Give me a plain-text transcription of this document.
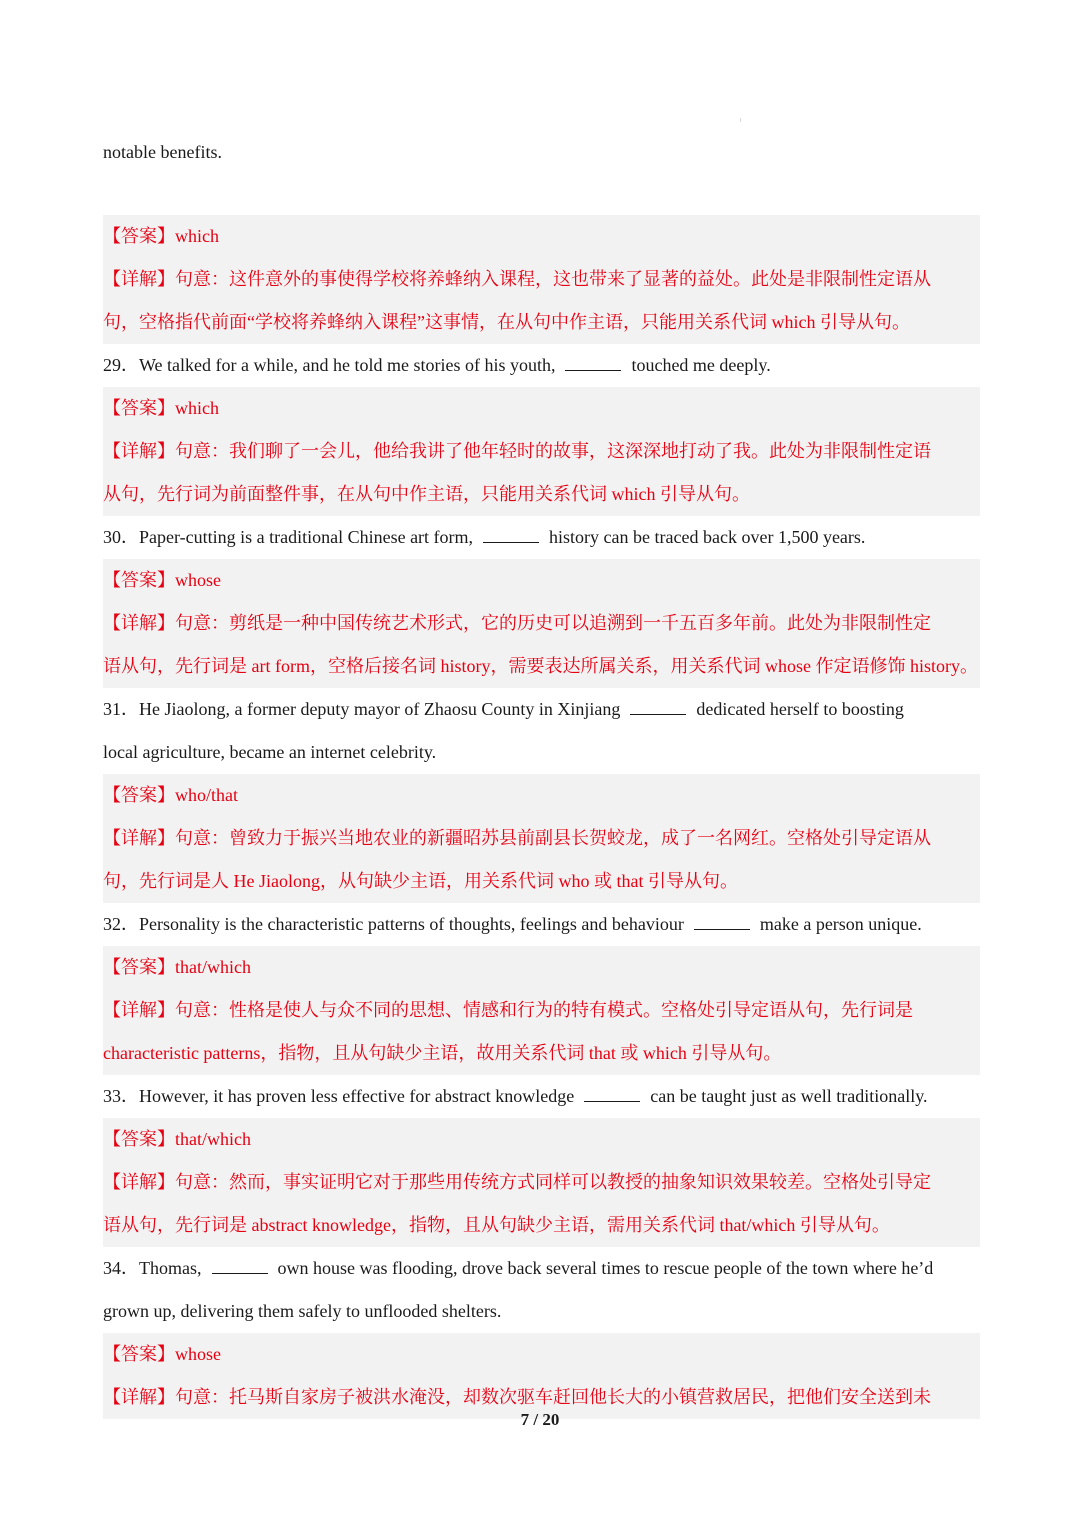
notable benefits.
【答案】which
【详解】句意：这件意外的事使得学校将养蜂纳入课程，这也带来了显著的益处。此处是非限制性定语从
句，空格指代前面“学校将养蜂纳入课程”这事情，在从句中作主语，只能用关系代词 which 引导从句。
29．We talked for a while, and he told me stories of his youth,	touched me deeply.
【答案】which
【详解】句意：我们聊了一会儿，他给我讲了他年轻时的故事，这深深地打动了我。此处为非限制性定语
从句，先行词为前面整件事，在从句中作主语，只能用关系代词 which 引导从句。
30．Paper-cutting is a traditional Chinese art form,	history can be traced back over 1,500 years.
【答案】whose
【详解】句意：剪纸是一种中国传统艺术形式，它的历史可以追溯到一千五百多年前。此处为非限制性定
语从句，先行词是 art form，空格后接名词 history，需要表达所属关系，用关系代词 whose 作定语修饰 history。
31．He Jiaolong, a former deputy mayor of Zhaosu County in Xinjiang	dedicated herself to boosting
local agriculture, became an internet celebrity.
【答案】who/that
【详解】句意：曾致力于振兴当地农业的新疆昭苏县前副县长贺蛟龙，成了一名网红。空格处引导定语从
句，先行词是人 He Jiaolong，从句缺少主语，用关系代词 who 或 that 引导从句。
32．Personality is the characteristic patterns of thoughts, feelings and behaviour	make a person unique.
【答案】that/which
【详解】句意：性格是使人与众不同的思想、情感和行为的特有模式。空格处引导定语从句，先行词是
characteristic patterns，指物，且从句缺少主语，故用关系代词 that 或 which 引导从句。
33．However, it has proven less effective for abstract knowledge	can be taught just as well traditionally.
【答案】that/which
【详解】句意：然而，事实证明它对于那些用传统方式同样可以教授的抽象知识效果较差。空格处引导定
语从句，先行词是 abstract knowledge，指物，且从句缺少主语，需用关系代词 that/which 引导从句。
34．Thomas,	own house was flooding, drove back several times to rescue people of the town where he’d
grown up, delivering them safely to unflooded shelters.
【答案】whose
【详解】句意：托马斯自家房子被洪水淹没，却数次驱车赶回他长大的小镇营救居民，把他们安全送到未
7 / 20
